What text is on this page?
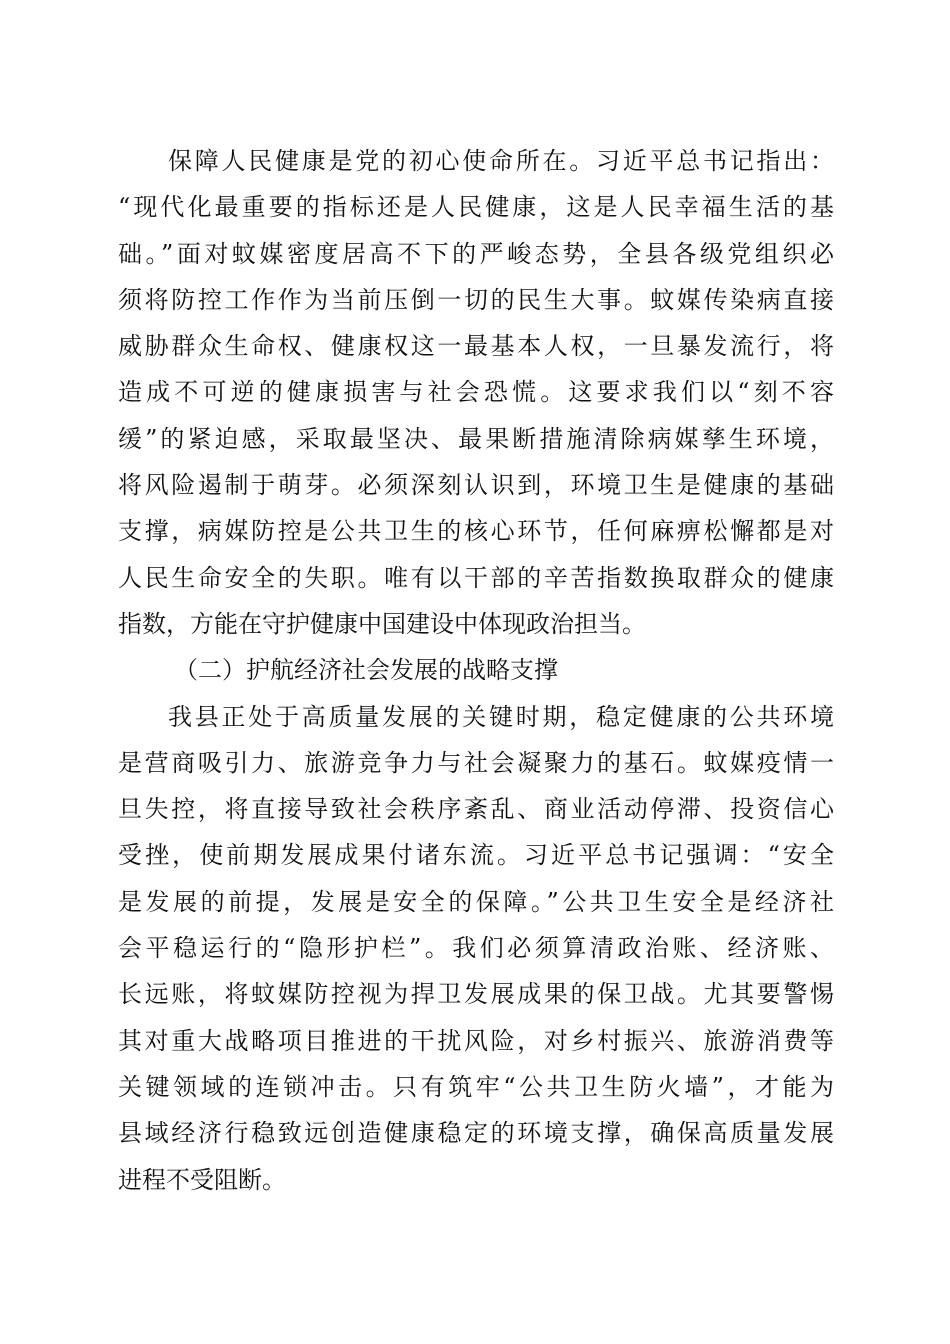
保障人民健康是党的初心使命所在。习近平总书记指出：
“现代化最重要的指标还是人民健康，这是人民幸福生活的基
础。”面对蚊媒密度居高不下的严峻态势，全县各级党组织必
须将防控工作作为当前压倒一切的民生大事。蚊媒传染病直接
威胁群众生命权、健康权这一最基本人权，一旦暴发流行，将
造成不可逆的健康损害与社会恐慌。这要求我们以“刻不容
缓”的紧迫感，采取最坚决、最果断措施清除病媒孳生环境，
将风险遏制于萌芽。必须深刻认识到，环境卫生是健康的基础
支撑，病媒防控是公共卫生的核心环节，任何麻痹松懈都是对
人民生命安全的失职。唯有以干部的辛苦指数换取群众的健康
指数，方能在守护健康中国建设中体现政治担当。
（二）护航经济社会发展的战略支撑
我县正处于高质量发展的关键时期，稳定健康的公共环境
是营商吸引力、旅游竞争力与社会凝聚力的基石。蚊媒疫情一
旦失控，将直接导致社会秩序紊乱、商业活动停滞、投资信心
受挫，使前期发展成果付诸东流。习近平总书记强调：“安全
是发展的前提，发展是安全的保障。”公共卫生安全是经济社
会平稳运行的“隐形护栏”。我们必须算清政治账、经济账、
长远账，将蚊媒防控视为捍卫发展成果的保卫战。尤其要警惕
其对重大战略项目推进的干扰风险，对乡村振兴、旅游消费等
关键领域的连锁冲击。只有筑牢“公共卫生防火墙”，才能为
县域经济行稳致远创造健康稳定的环境支撑，确保高质量发展
进程不受阻断。
